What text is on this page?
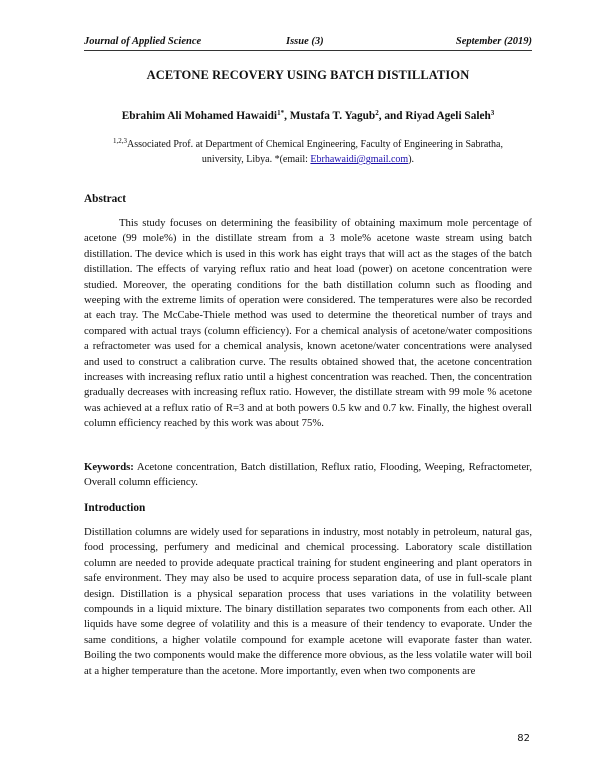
Journal of Applied Science	Issue (3)	September (2019)
ACETONE RECOVERY USING BATCH DISTILLATION
Ebrahim Ali Mohamed Hawaidi$^{1*}$, Mustafa T. Yagub$^2$, and Riyad Ageli Saleh$^3$
$^{1,2,3}$Associated Prof. at Department of Chemical Engineering, Faculty of Engineering in Sabratha,
university, Libya. *(email: Ebrhawaidi@gmail.com).
Abstract

This study focuses on determining the feasibility of obtaining maximum mole percentage of acetone (99 mole%) in the distillate stream from a 3 mole% acetone waste stream using batch distillation. The device which is used in this work has eight trays that will act as the stages of the batch distillation. The effects of varying reflux ratio and heat load (power) on acetone concentration were studied. Moreover, the operating conditions for the bath distillation column such as flooding and weeping with the extreme limits of operation were considered. The temperatures were also be recorded at each tray. The McCabe-Thiele method was used to determine the theoretical number of trays and compared with actual trays (column efficiency). For a chemical analysis of acetone/water compositions a refractometer was used for a chemical analysis, known acetone/water concentrations were analysed and used to construct a calibration curve. The results obtained showed that, the acetone concentration increases with increasing reflux ratio until a highest concentration was reached. Then, the concentration gradually decreases with increasing reflux ratio. However, the distillate stream with 99 mole % acetone was achieved at a reflux ratio of R=3 and at both powers 0.5 kw and 0.7 kw. Finally, the highest overall column efficiency reached by this work was about 75%.

Keywords: Acetone concentration, Batch distillation, Reflux ratio, Flooding, Weeping, Refractometer, Overall column efficiency.

Introduction

Distillation columns are widely used for separations in industry, most notably in petroleum, natural gas, food processing, perfumery and medicinal and chemical processing. Laboratory scale distillation column are needed to provide adequate practical training for student engineering and plant operators in safe environment. They may also be used to acquire process separation data, of use in full-scale plant design. Distillation is a physical separation process that uses variations in the volatility between compounds in a liquid mixture. The binary distillation separates two components from each other. All liquids have some degree of volatility and this is a measure of their tendency to evaporate. Under the same conditions, a higher volatile compound for example acetone will evaporate faster than water. Boiling the two components would make the difference more obvious, as the less volatile water will boil at a higher temperature than the acetone. More importantly, even when two components are

82
